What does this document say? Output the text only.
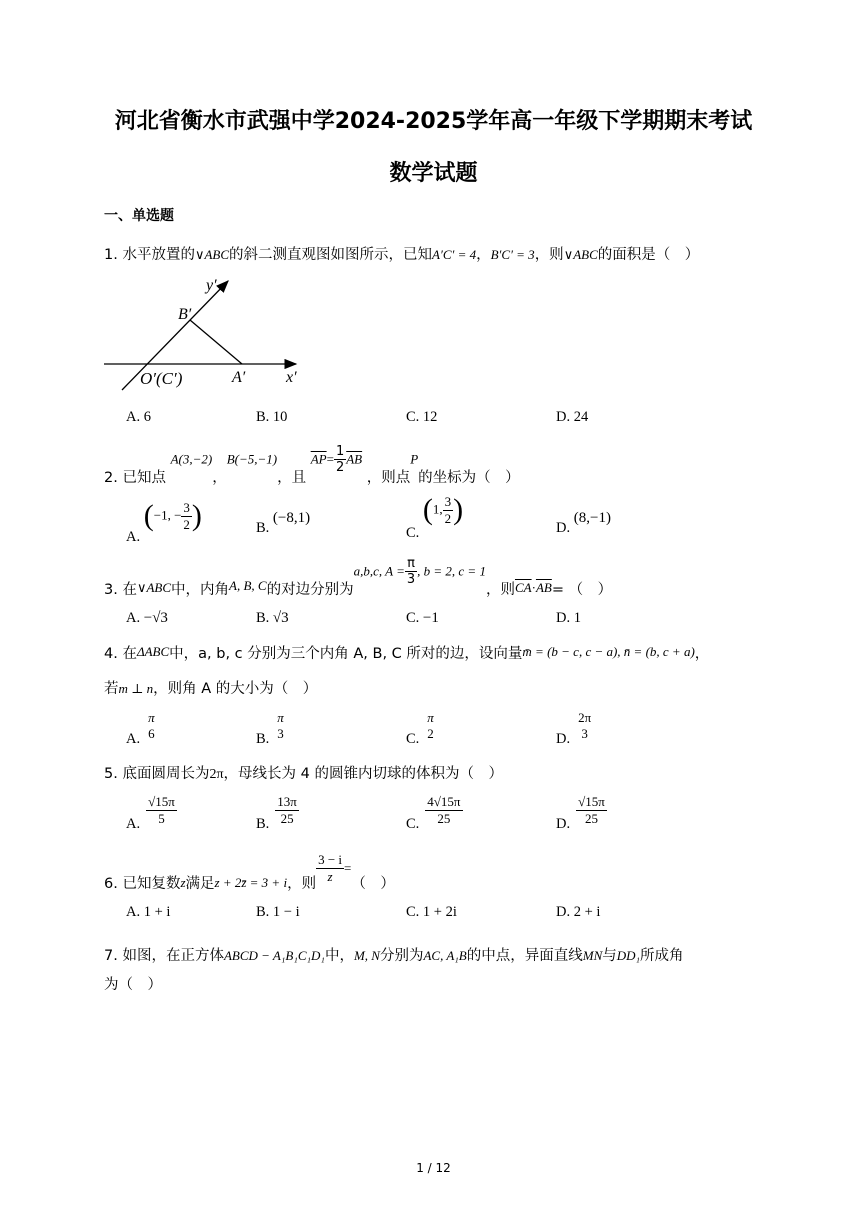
河北省衡水市武强中学2024-2025学年高一年级下学期期末考试
数学试题
一、单选题
1. 水平放置的∨ABC的斜二测直观图如图所示，已知A′C′ = 4，B′C′ = 3，则∨ABC的面积是（　）
y′
B′
O′(C′)	A′	x′
A. 6	B. 10	C. 12	D. 24
2. 已知点 A(3,−2)，B(−5,−1)，且 $\overline{AP}= \frac{1}{2} \overline{AB}$ ，则点P的坐标为（　）
A. (−1, − $\frac{3}{2}$ )	B. (−8,1)
C. (1, $\frac{3}{2}$ )
D. (8,−1)
3. 在∨ABC中，内角A, B, C的对边分别为a,b,c, $A = \frac{\pi}{3}$ , b = 2, c = 1，则$\overline{CA}\cdot\overline{AB}=$ （　）
A. −√3	B. √3	C. −1	D. 1
4. 在ΔABC中，a, b, c 分别为三个内角 A, B, C 所对的边，设向量m̄ = (b − c, c − a), n̄ = (b, c + a)，
若m ⊥ n，则角 A 的大小为（　）
A.
π
6	B.
π
3	C.
π
2	D.
2π
3
5. 底面圆周长为2π，母线长为 4 的圆锥内切球的体积为（　）
A. $\frac{√15\pi}{5}$	B. $\frac{13\pi}{25}$	C. $\frac{4√15\pi}{25}$	D. $\frac{√15\pi}{25}$
6. 已知复数z满足z + 2z̄ = 3 + i，则 $\frac{3 - i}{z}$ =（　）
A. 1 + i	B. 1 − i	C. 1 + 2i	D. 2 + i
7. 如图，在正方体ABCD − A₁B₁C₁D₁中，M, N分别为AC, A₁B的中点，异面直线MN与DD₁所成角
为（　）
1 / 12
